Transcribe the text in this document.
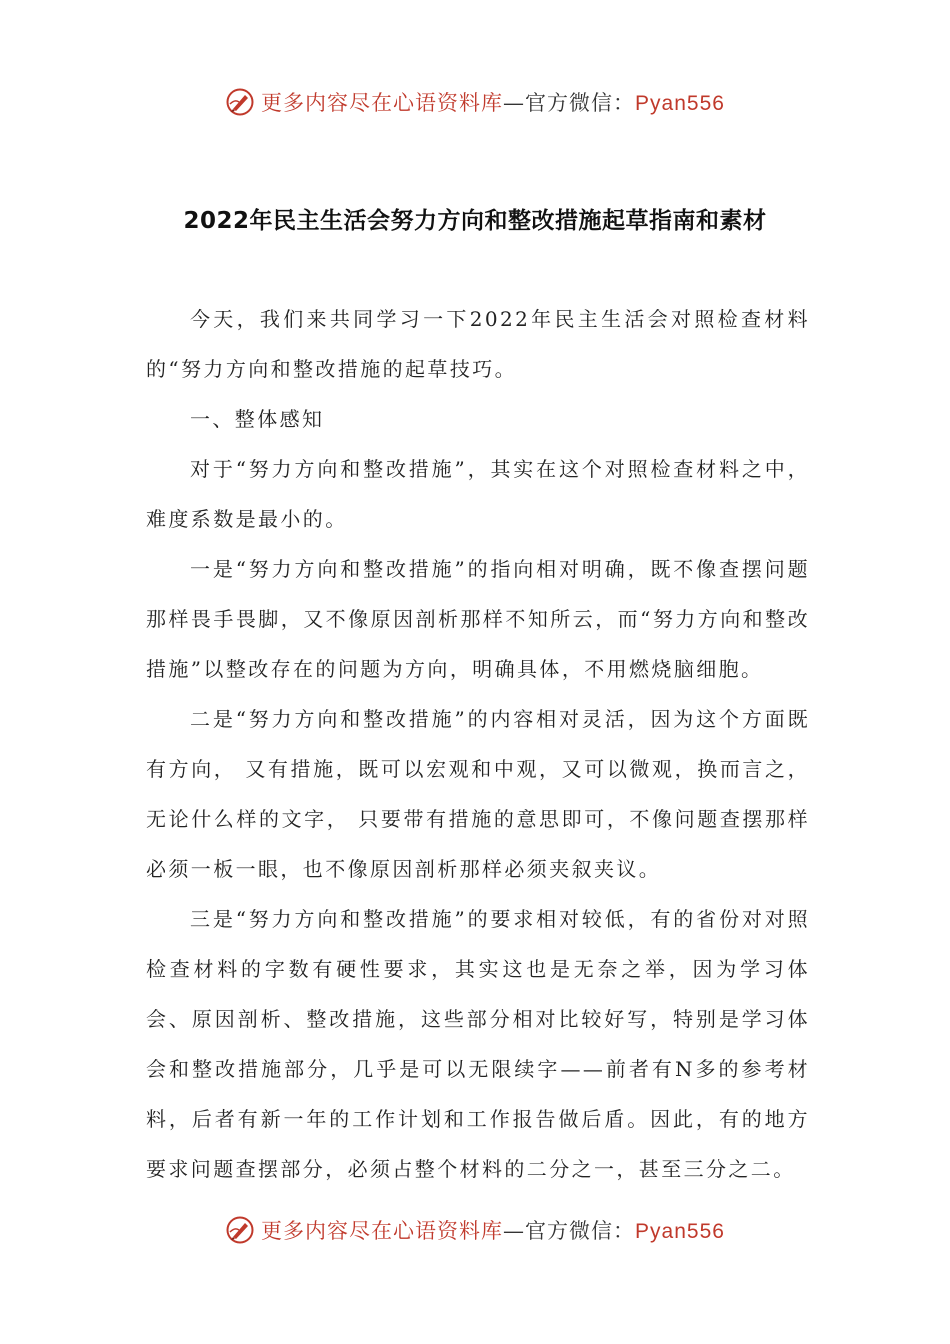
更多内容尽在心语资料库—官方微信：Pyan556
2022年民主生活会努力方向和整改措施起草指南和素材

今天，我们来共同学习一下2022年民主生活会对照检查材料的“努力方向和整改措施的起草技巧。

一、整体感知

对于“努力方向和整改措施”，其实在这个对照检查材料之中，难度系数是最小的。

一是“努力方向和整改措施”的指向相对明确，既不像查摆问题那样畏手畏脚，又不像原因剖析那样不知所云，而“努力方向和整改措施”以整改存在的问题为方向，明确具体，不用燃烧脑细胞。

二是“努力方向和整改措施”的内容相对灵活，因为这个方面既有方向， 又有措施，既可以宏观和中观，又可以微观，换而言之，无论什么样的文字， 只要带有措施的意思即可，不像问题查摆那样必须一板一眼，也不像原因剖析那样必须夹叙夹议。

三是“努力方向和整改措施”的要求相对较低，有的省份对对照检查材料的字数有硬性要求，其实这也是无奈之举，因为学习体会、原因剖析、整改措施，这些部分相对比较好写，特别是学习体会和整改措施部分，几乎是可以无限续字——前者有N多的参考材料，后者有新一年的工作计划和工作报告做后盾。因此，有的地方要求问题查摆部分，必须占整个材料的二分之一，甚至三分之二。

更多内容尽在心语资料库—官方微信：Pyan556
